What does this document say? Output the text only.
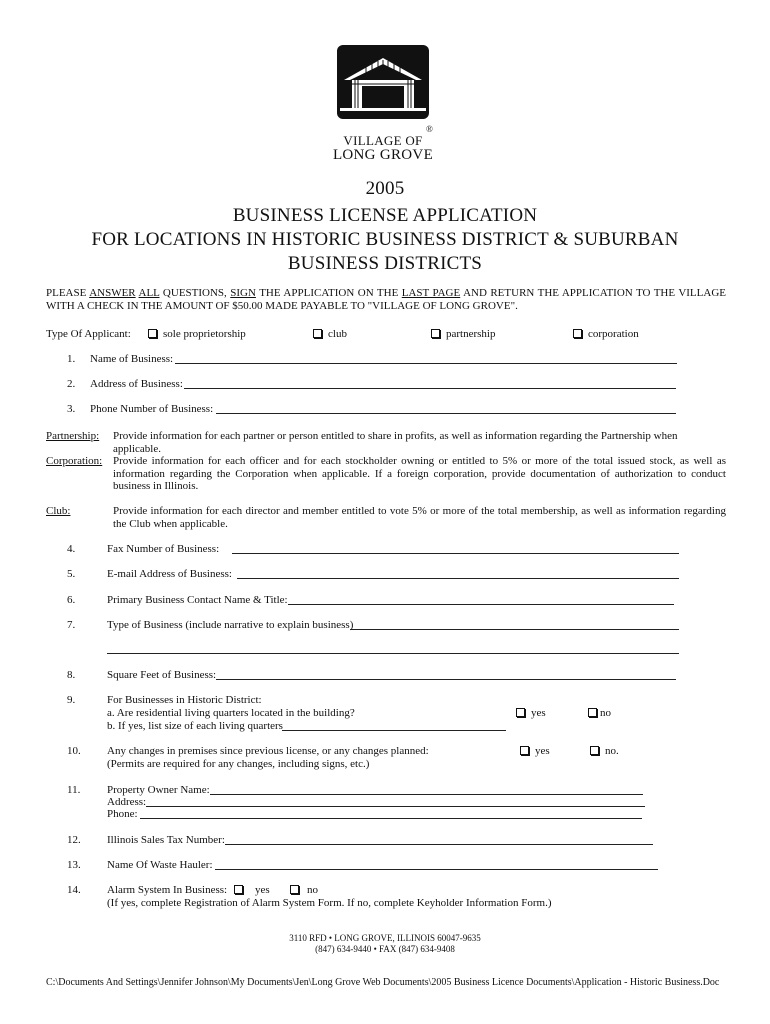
®
VILLAGE OF
LONG GROVE
2005
BUSINESS LICENSE APPLICATION
FOR LOCATIONS IN HISTORIC BUSINESS DISTRICT & SUBURBAN
BUSINESS DISTRICTS
PLEASE ANSWER ALL QUESTIONS, SIGN THE APPLICATION ON THE LAST PAGE AND RETURN THE APPLICATION TO THE VILLAGE WITH A CHECK IN THE AMOUNT OF $50.00 MADE PAYABLE TO "VILLAGE OF LONG GROVE".
Type Of Applicant:	sole proprietorship	club	partnership	corporation
1. Name of Business:
2. Address of Business:
3. Phone Number of Business:
Partnership: Provide information for each partner or person entitled to share in profits, as well as information regarding the Partnership when applicable.
Corporation: Provide information for each officer and for each stockholder owning or entitled to 5% or more of the total issued stock, as well as information regarding the Corporation when applicable. If a foreign corporation, provide documentation of authorization to conduct business in Illinois.
Club:	Provide information for each director and member entitled to vote 5% or more of the total membership, as well as information regarding the Club when applicable.
4.	Fax Number of Business:
5.	E-mail Address of Business:
6.	Primary Business Contact Name & Title:
7.	Type of Business (include narrative to explain business)
8.	Square Feet of Business:
9.	For Businesses in Historic District:
a. Are residential living quarters located in the building?	yes	no
b. If yes, list size of each living quarters
10. Any changes in premises since previous license, or any changes planned:
(Permits are required for any changes, including signs, etc.)
yes	no.
11. Property Owner Name:
Address:
Phone:
12. Illinois Sales Tax Number:
13. Name Of Waste Hauler:
14. Alarm System In Business:	yes	no
(If yes, complete Registration of Alarm System Form. If no, complete Keyholder Information Form.)
3110 RFD • LONG GROVE, ILLINOIS 60047-9635
(847) 634-9440 • FAX (847) 634-9408
C:\Documents And Settings\Jennifer Johnson\My Documents\Jen\Long Grove Web Documents\2005 Business Licence Documents\Application - Historic Business.Doc
